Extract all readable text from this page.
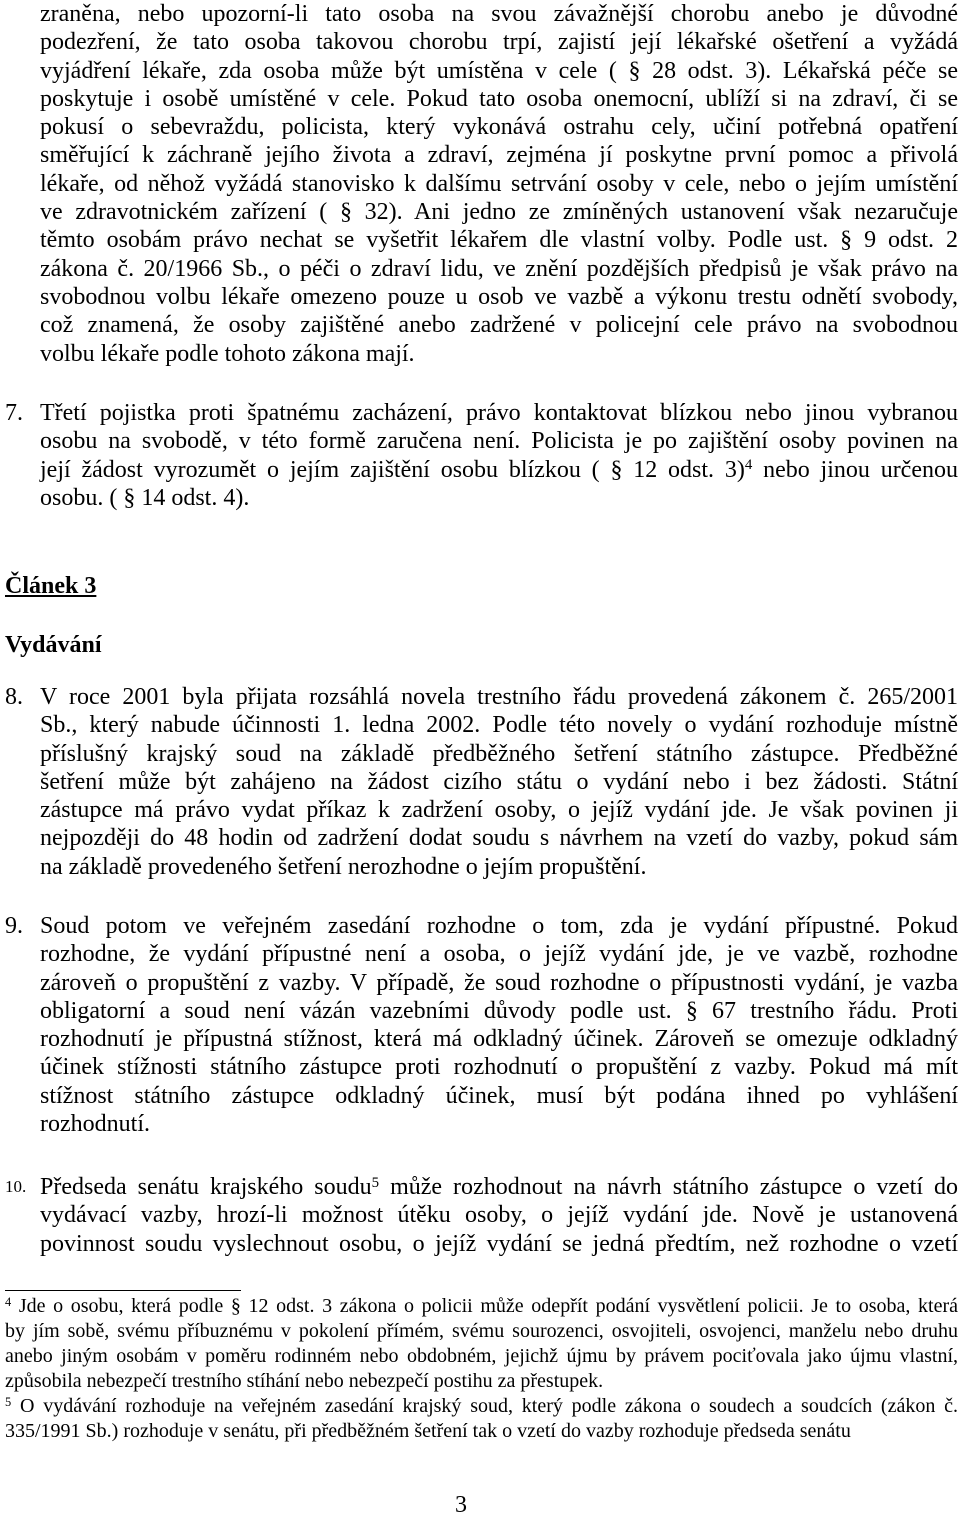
zraněna, nebo upozorní-li tato osoba na svou závažnější chorobu anebo je důvodné
podezření, že tato osoba takovou chorobu trpí, zajistí její lékařské ošetření a vyžádá
vyjádření lékaře, zda osoba může být umístěna v cele ( § 28 odst. 3). Lékařská péče se
poskytuje i osobě umístěné v cele. Pokud tato osoba onemocní, ublíží si na zdraví, či se
pokusí o sebevraždu, policista, který vykonává ostrahu cely, učiní potřebná opatření
směřující k záchraně jejího života a zdraví, zejména jí poskytne první pomoc a přivolá
lékaře, od něhož vyžádá stanovisko k dalšímu setrvání osoby v cele, nebo o jejím umístění
ve zdravotnickém zařízení ( § 32). Ani jedno ze zmíněných ustanovení však nezaručuje
těmto osobám právo nechat se vyšetřit lékařem dle vlastní volby. Podle ust. § 9 odst. 2
zákona č. 20/1966 Sb., o péči o zdraví lidu, ve znění pozdějších předpisů je však právo na
svobodnou volbu lékaře omezeno pouze u osob ve vazbě a výkonu trestu odnětí svobody,
což znamená, že osoby zajištěné anebo zadržené v policejní cele právo na svobodnou
volbu lékaře podle tohoto zákona mají.
7. Třetí pojistka proti špatnému zacházení, právo kontaktovat blízkou nebo jinou vybranou
osobu na svobodě, v této formě zaručena není. Policista je po zajištění osoby povinen na
její žádost vyrozumět o jejím zajištění osobu blízkou ( § 12 odst. 3)$^4$ nebo jinou určenou
osobu. ( § 14 odst. 4).
Článek 3
Vydávání
8. V roce 2001 byla přijata rozsáhlá novela trestního řádu provedená zákonem č. 265/2001
Sb., který nabude účinnosti 1. ledna 2002. Podle této novely o vydání rozhoduje místně
příslušný krajský soud na základě předběžného šetření státního zástupce. Předběžné
šetření může být zahájeno na žádost cizího státu o vydání nebo i bez žádosti. Státní
zástupce má právo vydat příkaz k zadržení osoby, o jejíž vydání jde. Je však povinen ji
nejpozději do 48 hodin od zadržení dodat soudu s návrhem na vzetí do vazby, pokud sám
na základě provedeného šetření nerozhodne o jejím propuštění.
9. Soud potom ve veřejném zasedání rozhodne o tom, zda je vydání přípustné. Pokud
rozhodne, že vydání přípustné není a osoba, o jejíž vydání jde, je ve vazbě, rozhodne
zároveň o propuštění z vazby. V případě, že soud rozhodne o přípustnosti vydání, je vazba
obligatorní a soud není vázán vazebními důvody podle ust. § 67 trestního řádu. Proti
rozhodnutí je přípustná stížnost, která má odkladný účinek. Zároveň se omezuje odkladný
účinek stížnosti státního zástupce proti rozhodnutí o propuštění z vazby. Pokud má mít
stížnost státního zástupce odkladný účinek, musí být podána ihned po vyhlášení
rozhodnutí.
10. Předseda senátu krajského soudu$^5$ může rozhodnout na návrh státního zástupce o vzetí do
vydávací vazby, hrozí-li možnost útěku osoby, o jejíž vydání jde. Nově je ustanovená
povinnost soudu vyslechnout osobu, o jejíž vydání se jedná předtím, než rozhodne o vzetí
$^4$ Jde o osobu, která podle § 12 odst. 3 zákona o policii může odepřít podání vysvětlení policii. Je to osoba, která
by jím sobě, svému příbuznému v pokolení přímém, svému sourozenci, osvojiteli, osvojenci, manželu nebo druhu
anebo jiným osobám v poměru rodinném nebo obdobném, jejichž újmu by právem pociťovala jako újmu vlastní,
způsobila nebezpečí trestního stíhání nebo nebezpečí postihu za přestupek.
$^5$ O vydávání rozhoduje na veřejném zasedání krajský soud, který podle zákona o soudech a soudcích (zákon č.
335/1991 Sb.) rozhoduje v senátu, při předběžném šetření tak o vzetí do vazby rozhoduje předseda senátu
3
